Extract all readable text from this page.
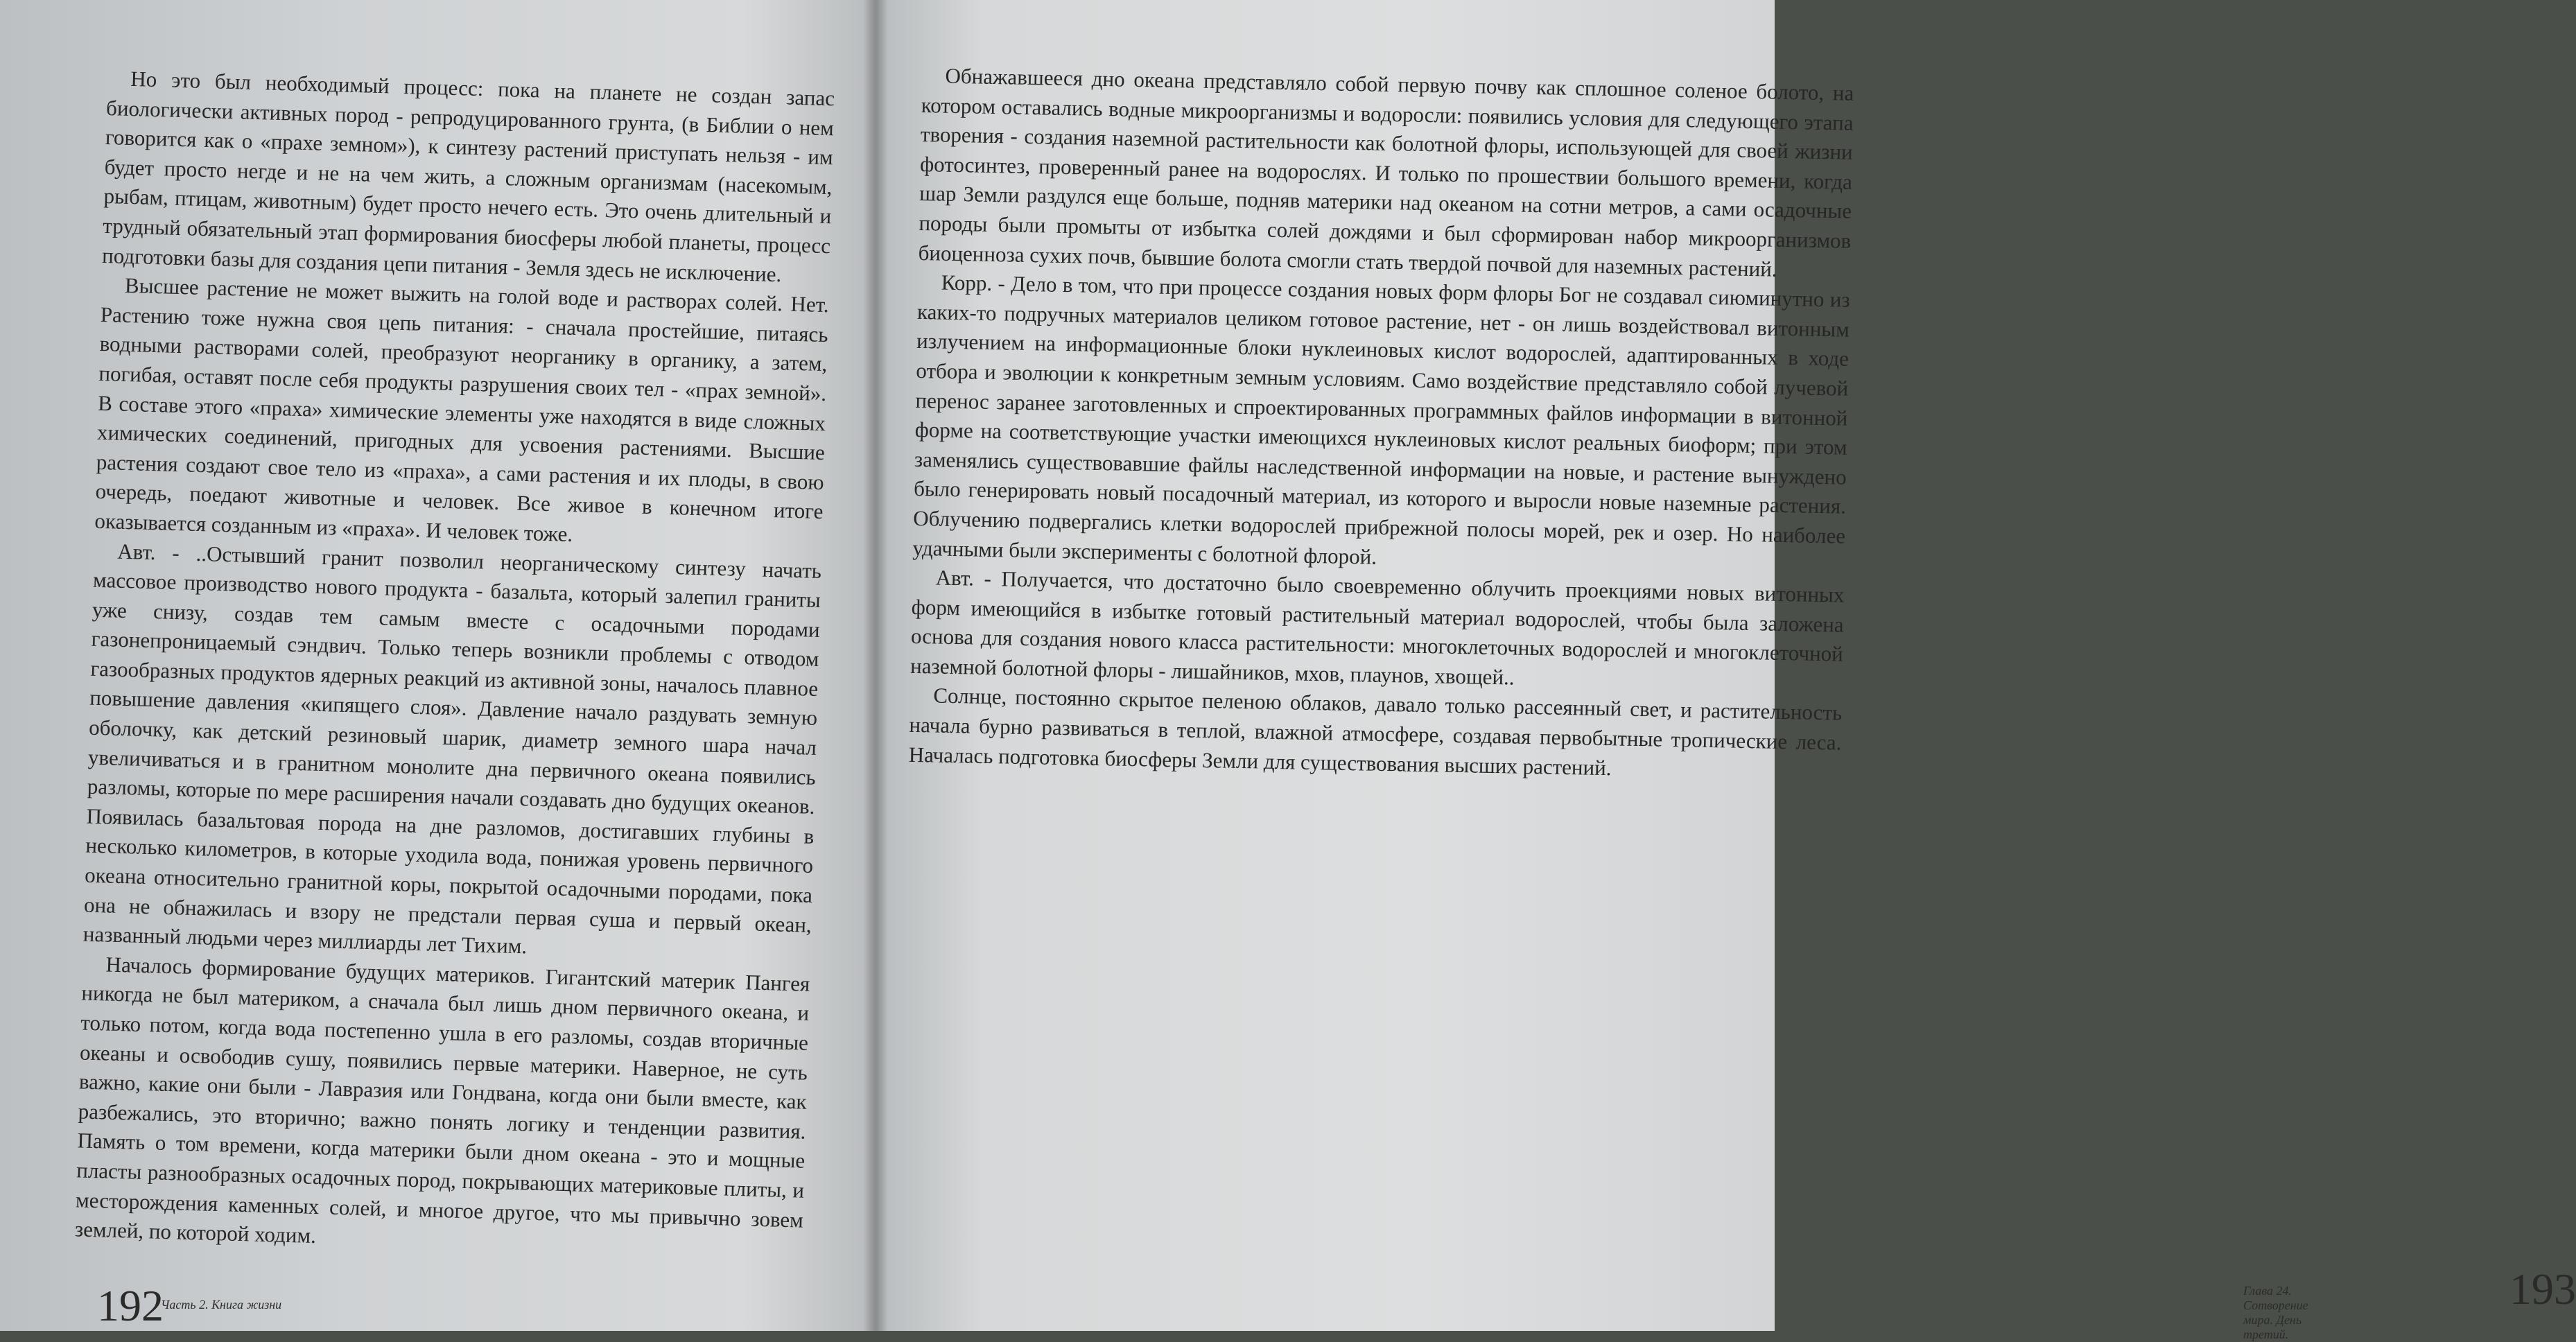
Но это был необходимый процесс: пока на планете не создан запас биологически активных пород - репродуцированного грунта, (в Библии о нем говорится как о «прахе земном»), к синтезу растений приступать нельзя - им будет просто негде и не на чем жить, а сложным организмам (насекомым, рыбам, птицам, животным) будет просто нечего есть. Это очень длительный и трудный обязательный этап формирования биосферы любой планеты, процесс подготовки базы для создания цепи питания - Земля здесь не исключение.

Высшее растение не может выжить на голой воде и растворах солей. Нет. Растению тоже нужна своя цепь питания: - сначала простейшие, питаясь водными растворами солей, преобразуют неорганику в органику, а затем, погибая, оставят после себя продукты разрушения своих тел - «прах земной». В составе этого «праха» химические элементы уже находятся в виде сложных химических соединений, пригодных для усвоения растениями. Высшие растения создают свое тело из «праха», а сами растения и их плоды, в свою очередь, поедают животные и человек. Все живое в конечном итоге оказывается созданным из «праха». И человек тоже.

Авт. - ..Остывший гранит позволил неорганическому синтезу начать массовое производство нового продукта - базальта, который залепил граниты уже снизу, создав тем самым вместе с осадочными породами газонепроницаемый сэндвич. Только теперь возникли проблемы с отводом газообразных продуктов ядерных реакций из активной зоны, началось плавное повышение давления «кипящего слоя». Давление начало раздувать земную оболочку, как детский резиновый шарик, диаметр земного шара начал увеличиваться и в гранитном монолите дна первичного океана появились разломы, которые по мере расширения начали создавать дно будущих океанов. Появилась базальтовая порода на дне разломов, достигавших глубины в несколько километров, в которые уходила вода, понижая уровень первичного океана относительно гранитной коры, покрытой осадочными породами, пока она не обнажилась и взору не предстали первая суша и первый океан, названный людьми через миллиарды лет Тихим.

Началось формирование будущих материков. Гигантский материк Пангея никогда не был материком, а сначала был лишь дном первичного океана, и только потом, когда вода постепенно ушла в его разломы, создав вторичные океаны и освободив сушу, появились первые материки. Наверное, не суть важно, какие они были - Лавразия или Гондвана, когда они были вместе, как разбежались, это вторично; важно понять логику и тенденции развития. Память о том времени, когда материки были дном океана - это и мощные пласты разнообразных осадочных пород, покрывающих материковые плиты, и месторождения каменных солей, и многое другое, что мы привычно зовем землей, по которой ходим.

192
Часть 2. Книга жизни

Обнажавшееся дно океана представляло собой первую почву как сплошное соленое болото, на котором оставались водные микроорганизмы и водоросли: появились условия для следующего этапа творения - создания наземной растительности как болотной флоры, использующей для своей жизни фотосинтез, проверенный ранее на водорослях. И только по прошествии большого времени, когда шар Земли раздулся еще больше, подняв материки над океаном на сотни метров, а сами осадочные породы были промыты от избытка солей дождями и был сформирован набор микроорганизмов биоценноза сухих почв, бывшие болота смогли стать твердой почвой для наземных растений.

Корр. - Дело в том, что при процессе создания новых форм флоры Бог не создавал сиюминутно из каких-то подручных материалов целиком готовое растение, нет - он лишь воздействовал витонным излучением на информационные блоки нуклеиновых кислот водорослей, адаптированных в ходе отбора и эволюции к конкретным земным условиям. Само воздействие представляло собой лучевой перенос заранее заготовленных и спроектированных программных файлов информации в витонной форме на соответствующие участки имеющихся нуклеиновых кислот реальных биоформ; при этом заменялись существовавшие файлы наследственной информации на новые, и растение вынуждено было генерировать новый посадочный материал, из которого и выросли новые наземные растения. Облучению подвергались клетки водорослей прибрежной полосы морей, рек и озер. Но наиболее удачными были эксперименты с болотной флорой.

Авт. - Получается, что достаточно было своевременно облучить проекциями новых витонных форм имеющийся в избытке готовый растительный материал водорослей, чтобы была заложена основа для создания нового класса растительности: многоклеточных водорослей и многоклеточной наземной болотной флоры - лишайников, мхов, плаунов, хвощей..

Солнце, постоянно скрытое пеленою облаков, давало только рассеянный свет, и растительность начала бурно развиваться в теплой, влажной атмосфере, создавая первобытные тропические леса. Началась подготовка биосферы Земли для существования высших растений.

Глава 24. Сотворение мира. День третий.
193
